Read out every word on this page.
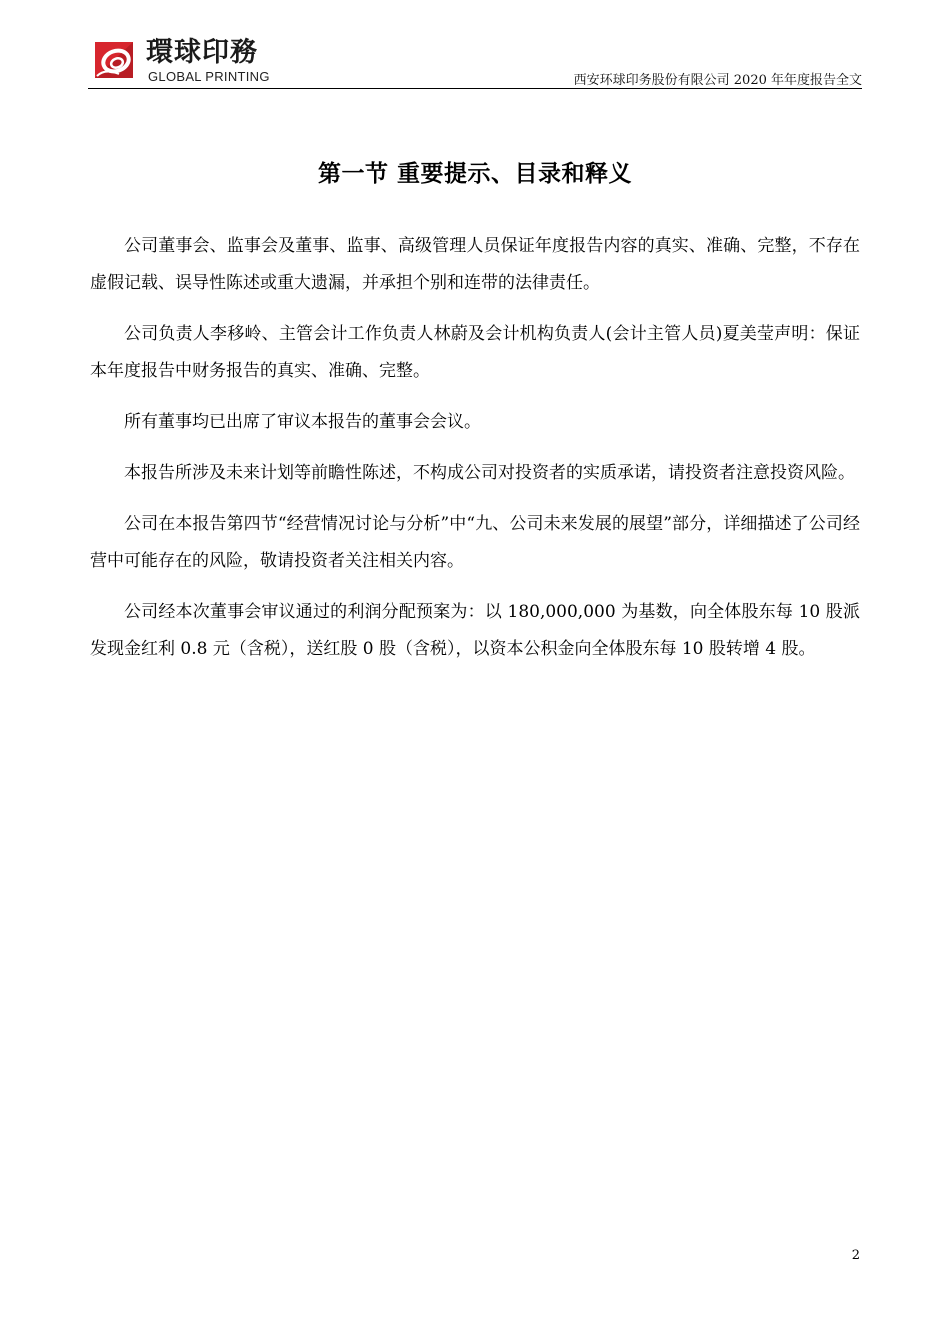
環球印務
GLOBAL PRINTING	西安环球印务股份有限公司 2020 年年度报告全文
第一节 重要提示、目录和释义

公司董事会、监事会及董事、监事、高级管理人员保证年度报告内容的真实、准确、完整，不存在虚假记载、误导性陈述或重大遗漏，并承担个别和连带的法律责任。

公司负责人李移岭、主管会计工作负责人林蔚及会计机构负责人(会计主管人员)夏美莹声明：保证本年度报告中财务报告的真实、准确、完整。

所有董事均已出席了审议本报告的董事会会议。

本报告所涉及未来计划等前瞻性陈述，不构成公司对投资者的实质承诺，请投资者注意投资风险。

公司在本报告第四节“经营情况讨论与分析”中“九、公司未来发展的展望”部分，详细描述了公司经营中可能存在的风险，敬请投资者关注相关内容。

公司经本次董事会审议通过的利润分配预案为：以 180,000,000 为基数，向全体股东每 10 股派发现金红利 0.8 元（含税），送红股 0 股（含税），以资本公积金向全体股东每 10 股转增 4 股。

2
